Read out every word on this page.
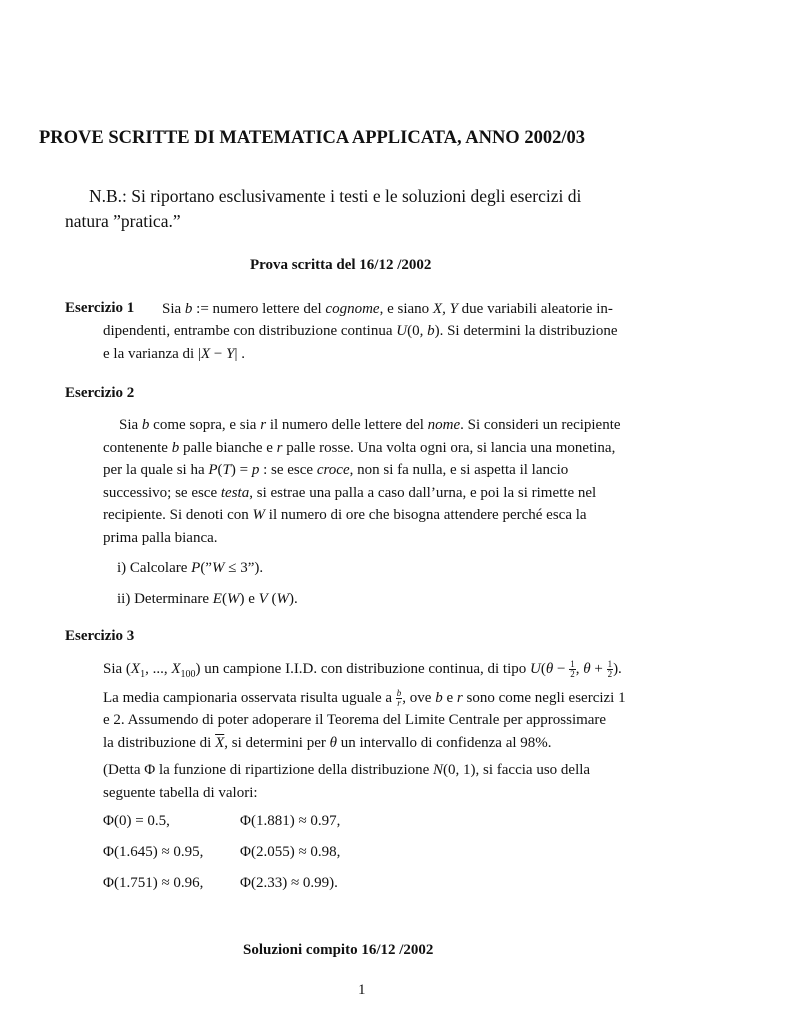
PROVE SCRITTE DI MATEMATICA APPLICATA, ANNO 2002/03
N.B.: Si riportano esclusivamente i testi e le soluzioni degli esercizi di
natura ”pratica.”
Prova scritta del 16/12 /2002
Esercizio 1 Sia b := numero lettere del cognome, e siano X, Y due variabili aleatorie in-
dipendenti, entrambe con distribuzione continua U(0, b). Si determini la distribuzione
e la varianza di |X − Y| .
Esercizio 2
Sia b come sopra, e sia r il numero delle lettere del nome. Si consideri un recipiente
contenente b palle bianche e r palle rosse. Una volta ogni ora, si lancia una monetina,
per la quale si ha P(T) = p : se esce croce, non si fa nulla, e si aspetta il lancio
successivo; se esce testa, si estrae una palla a caso dall’urna, e poi la si rimette nel
recipiente. Si denoti con W il numero di ore che bisogna attendere perché esca la
prima palla bianca.
i) Calcolare P(”W ≤ 3”).
ii) Determinare E(W) e V (W).
Esercizio 3
Sia ($X_1$, ..., $X_{100}$) un campione I.I.D. con distribuzione continua, di tipo $U(\theta - \frac{1}{2}$ , $\theta + \frac{1}{2}$ ).
La media campionaria osservata risulta uguale a $\frac{b}{r}$ , ove b e r sono come negli esercizi 1
e 2. Assumendo di poter adoperare il Teorema del Limite Centrale per approssimare
la distribuzione di $\overline{X}$, si determini per θ un intervallo di confidenza al 98%.
(Detta Φ la funzione di ripartizione della distribuzione N(0, 1), si faccia uso della
seguente tabella di valori:
Φ(0) = 0.5,	Φ(1.881) ≈ 0.97,
Φ(1.645) ≈ 0.95, Φ(2.055) ≈ 0.98,
Φ(1.751) ≈ 0.96, Φ(2.33) ≈ 0.99).
Soluzioni compito 16/12 /2002
1
